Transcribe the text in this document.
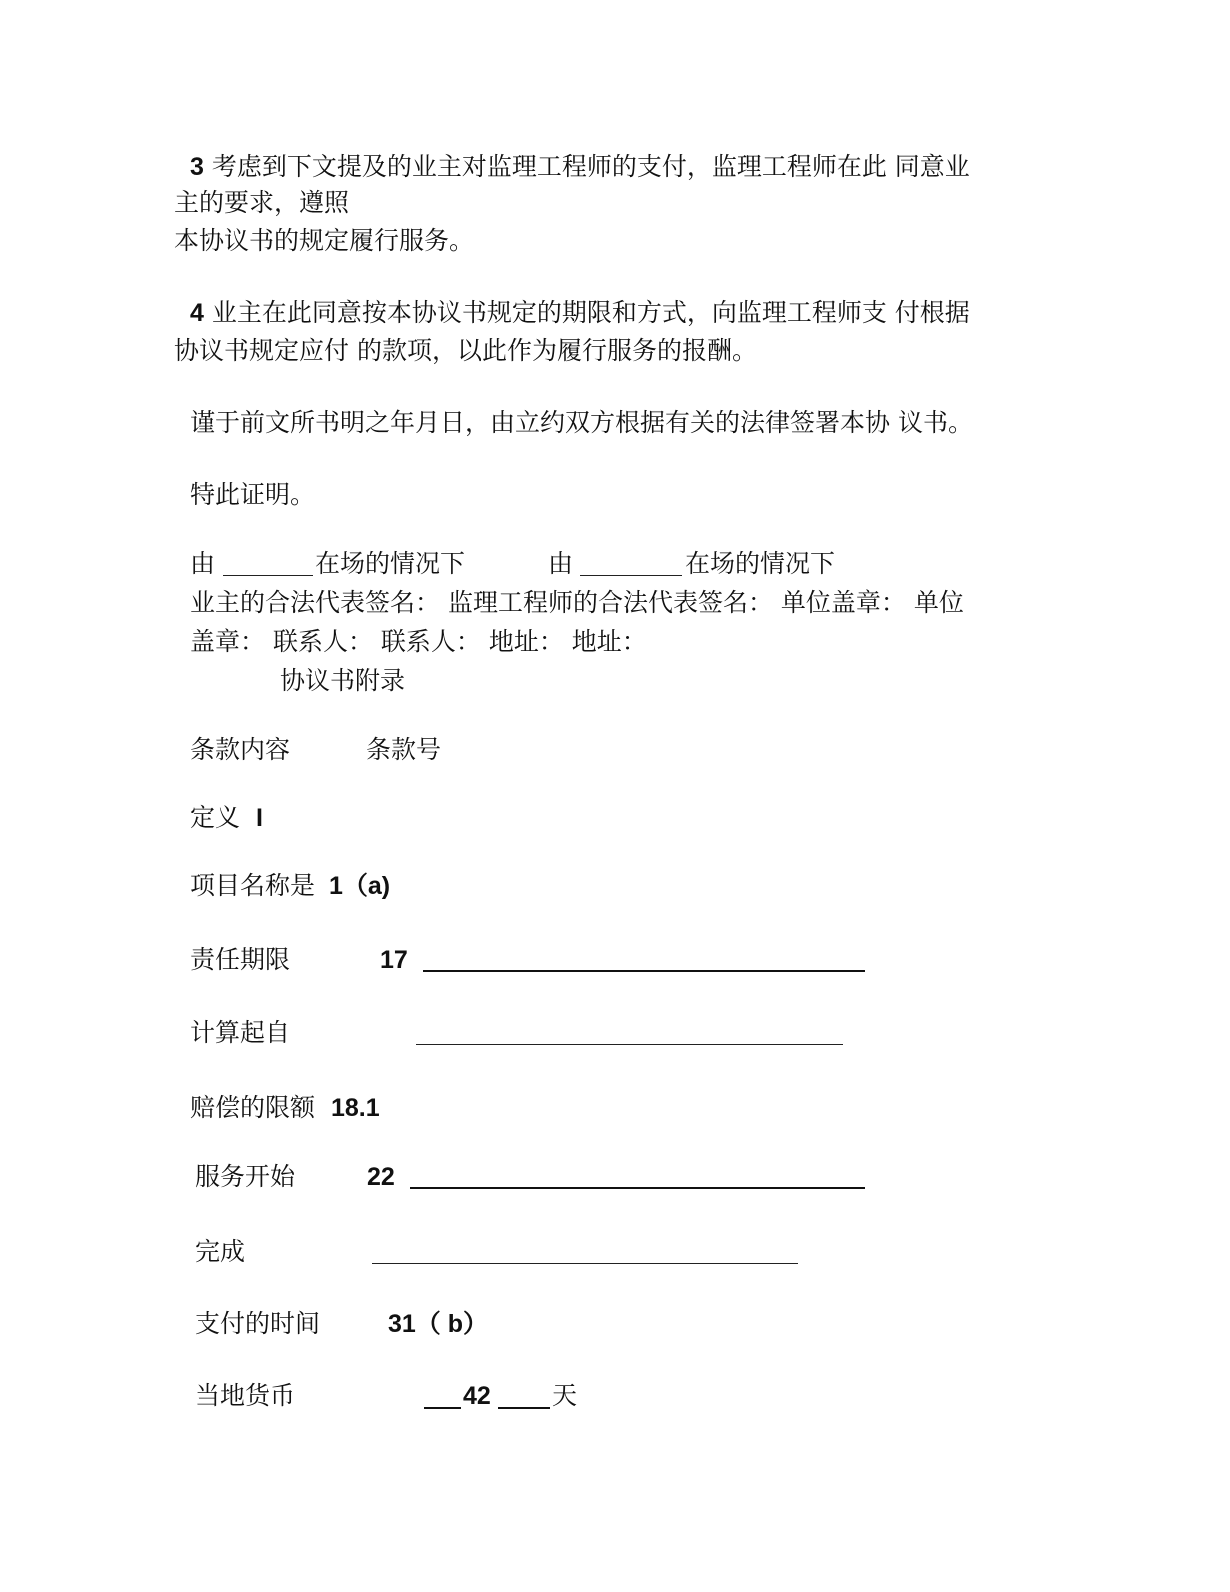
3 考虑到下文提及的业主对监理工程师的支付，监理工程师在此 同意业
主的要求，遵照
本协议书的规定履行服务。
4 业主在此同意按本协议书规定的期限和方式，向监理工程师支 付根据
协议书规定应付 的款项，以此作为履行服务的报酬。
谨于前文所书明之年月日，由立约双方根据有关的法律签署本协 议书。
特此证明。
由	在场的情况下	由	在场的情况下
业主的合法代表签名： 监理工程师的合法代表签名： 单位盖章： 单位
盖章： 联系人： 联系人： 地址： 地址：
协议书附录
条款内容	条款号
定义 I
项目名称是 1（a)
责任期限	17
计算起自
赔偿的限额 18.1
服务开始	22
完成
支付的时间	31（ b）
当地货币	42 天
